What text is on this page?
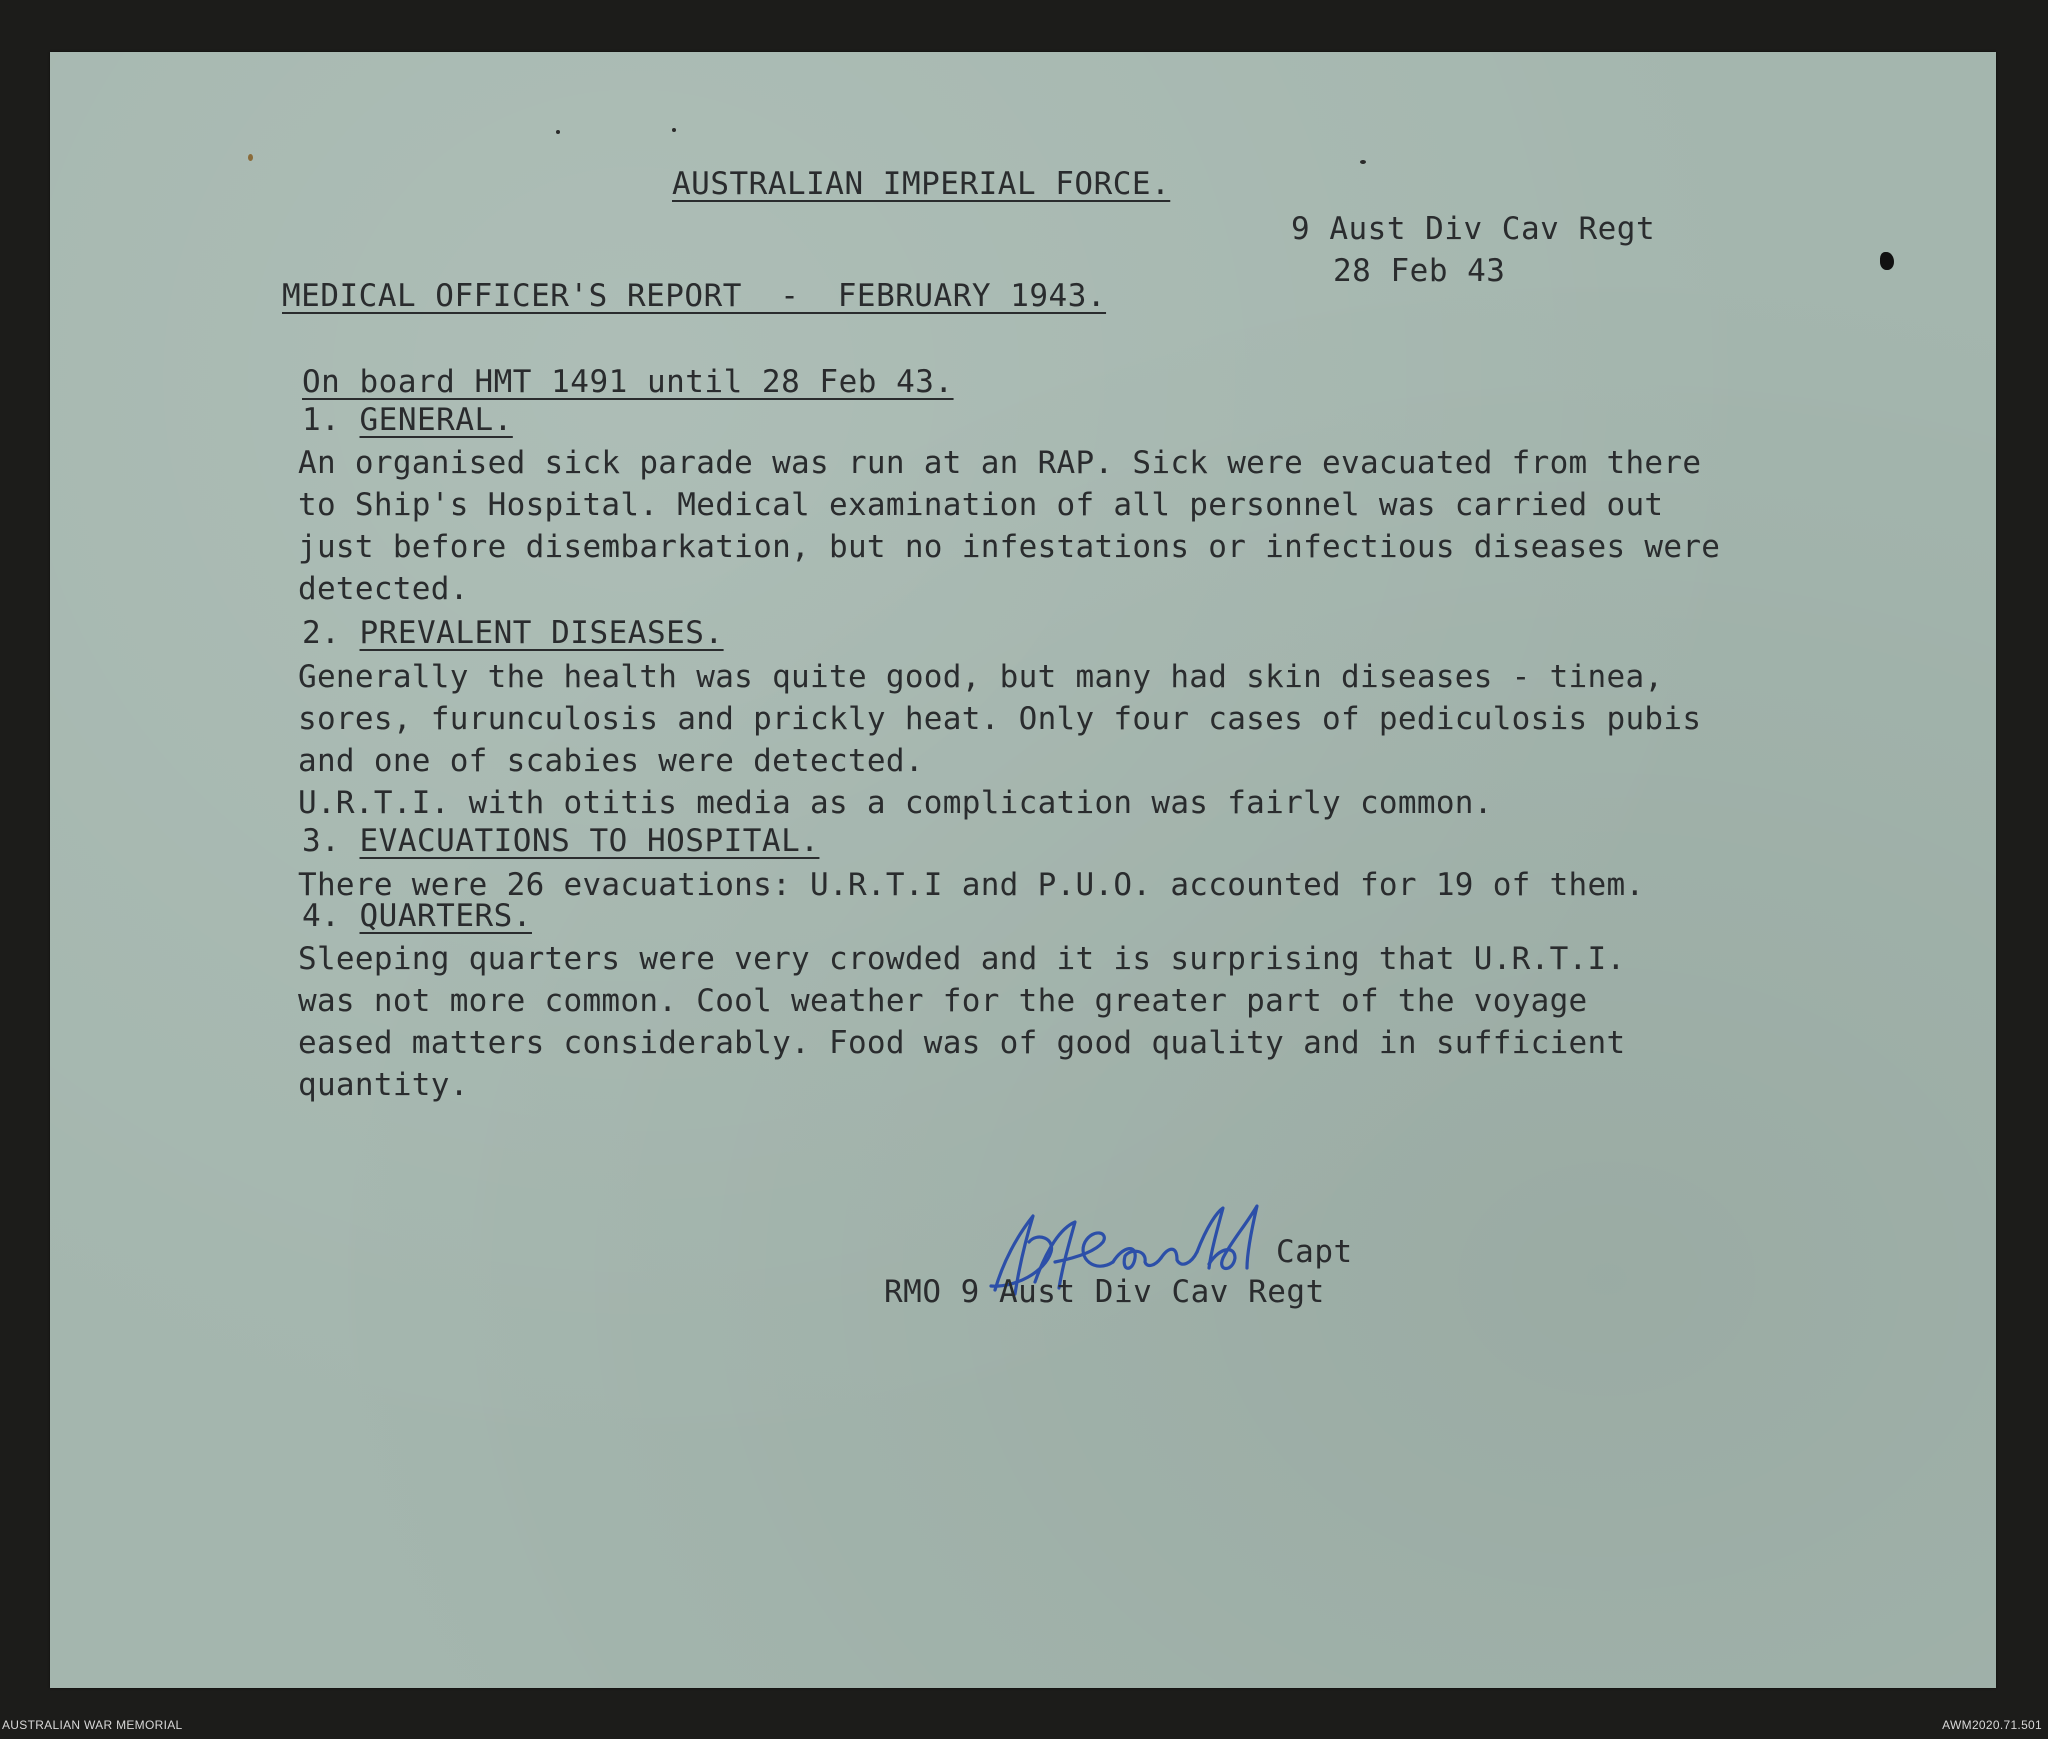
AUSTRALIAN IMPERIAL FORCE.

9 Aust Div Cav Regt

28 Feb 43

MEDICAL OFFICER'S REPORT  -  FEBRUARY 1943.

On board HMT 1491 until 28 Feb 43.

1. GENERAL.

An organised sick parade was run at an RAP. Sick were evacuated from there
to Ship's Hospital. Medical examination of all personnel was carried out
just before disembarkation, but no infestations or infectious diseases were
detected.

2. PREVALENT DISEASES.

Generally the health was quite good, but many had skin diseases - tinea,
sores, furunculosis and prickly heat. Only four cases of pediculosis pubis
and one of scabies were detected.
U.R.T.I. with otitis media as a complication was fairly common.

3. EVACUATIONS TO HOSPITAL.

There were 26 evacuations: U.R.T.I and P.U.O. accounted for 19 of them.

4. QUARTERS.

Sleeping quarters were very crowded and it is surprising that U.R.T.I.
was not more common. Cool weather for the greater part of the voyage
eased matters considerably. Food was of good quality and in sufficient
quantity.

Capt

RMO 9 Aust Div Cav Regt

AUSTRALIAN WAR MEMORIAL	AWM2020.71.501
